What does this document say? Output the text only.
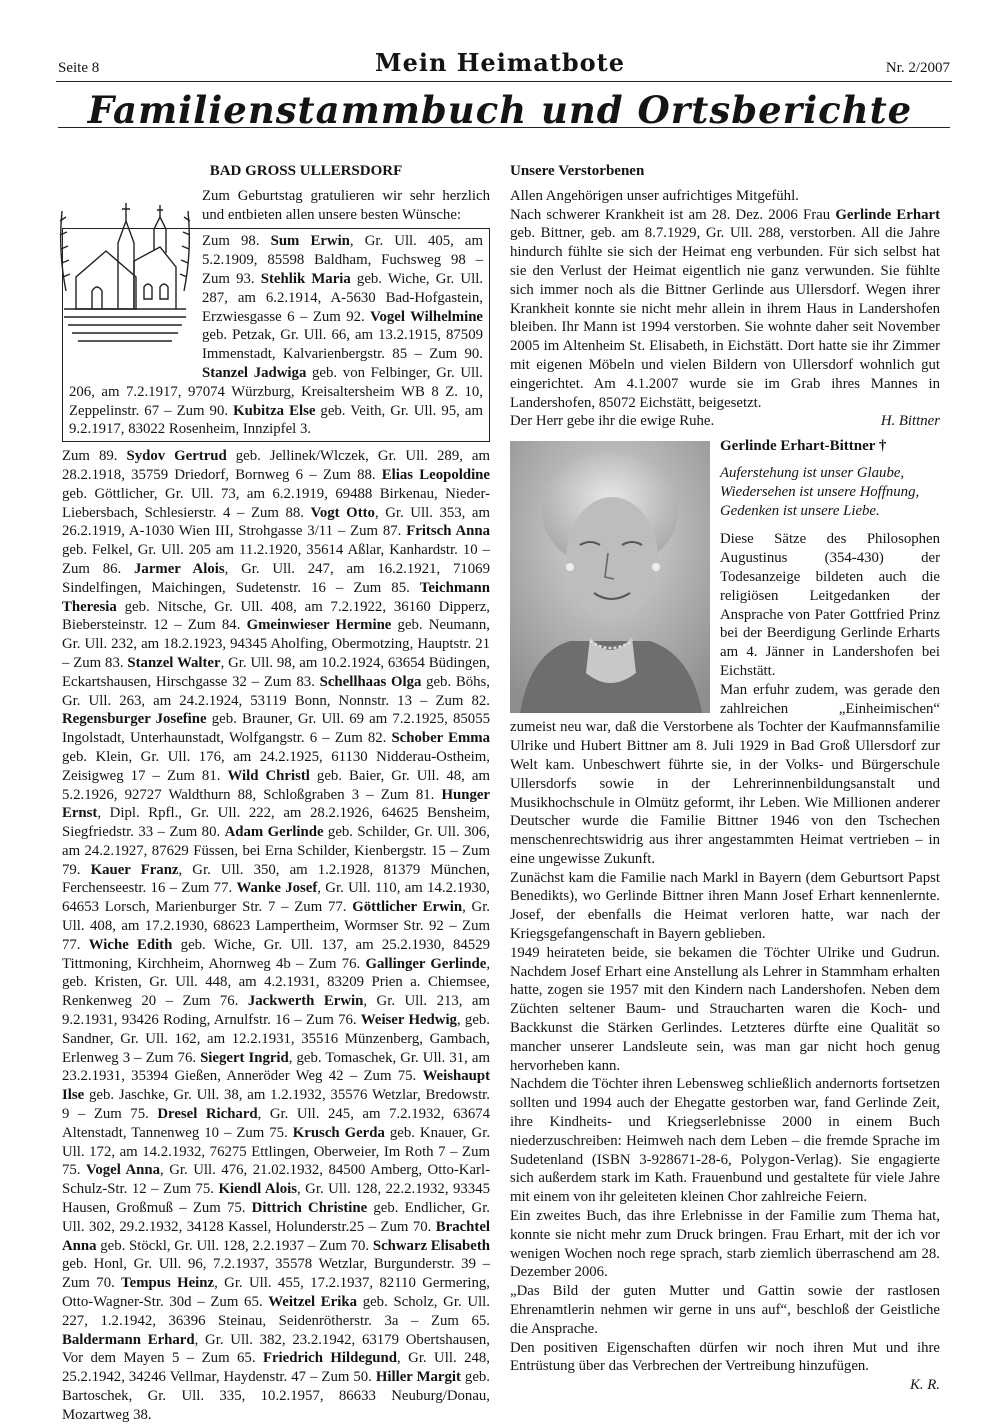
Seite 8	Mein Heimatbote	Nr. 2/2007
Familienstammbuch und Ortsberichte
BAD GROSS ULLERSDORF

Zum Geburtstag gratulieren wir sehr herzlich und entbieten allen unsere besten Wünsche:

Zum 98. Sum Erwin, Gr. Ull. 405, am 5.2.1909, 85598 Baldham, Fuchsweg 98 – Zum 93. Stehlik Maria geb. Wiche, Gr. Ull. 287, am 6.2.1914, A-5630 Bad-Hofgastein, Erzwiesgasse 6 – Zum 92. Vogel Wilhelmine geb. Petzak, Gr. Ull. 66, am 13.2.1915, 87509 Immenstadt, Kalvarienbergstr. 85 – Zum 90. Stanzel Jadwiga geb. von Felbinger, Gr. Ull. 206, am 7.2.1917, 97074 Würzburg, Kreisaltersheim WB 8 Z. 10, Zeppelinstr. 67 – Zum 90. Kubitza Else geb. Veith, Gr. Ull. 95, am 9.2.1917, 83022 Rosenheim, Innzipfel 3.

Zum 89. Sydov Gertrud geb. Jellinek/Wlczek, Gr. Ull. 289, am 28.2.1918, 35759 Driedorf, Bornweg 6 – Zum 88. Elias Leopoldine geb. Göttlicher, Gr. Ull. 73, am 6.2.1919, 69488 Birkenau, Nieder-Liebersbach, Schlesierstr. 4 – Zum 88. Vogt Otto, Gr. Ull. 353, am 26.2.1919, A-1030 Wien III, Strohgasse 3/11 – Zum 87. Fritsch Anna geb. Felkel, Gr. Ull. 205 am 11.2.1920, 35614 Aßlar, Kanhardstr. 10 – Zum 86. Jarmer Alois, Gr. Ull. 247, am 16.2.1921, 71069 Sindelfingen, Maichingen, Sudetenstr. 16 – Zum 85. Teichmann Theresia geb. Nitsche, Gr. Ull. 408, am 7.2.1922, 36160 Dipperz, Biebersteinstr. 12 – Zum 84. Gmeinwieser Hermine geb. Neumann, Gr. Ull. 232, am 18.2.1923, 94345 Aholfing, Obermotzing, Hauptstr. 21 – Zum 83. Stanzel Walter, Gr. Ull. 98, am 10.2.1924, 63654 Büdingen, Eckartshausen, Hirschgasse 32 – Zum 83. Schellhaas Olga geb. Böhs, Gr. Ull. 263, am 24.2.1924, 53119 Bonn, Nonnstr. 13 – Zum 82. Regensburger Josefine geb. Brauner, Gr. Ull. 69 am 7.2.1925, 85055 Ingolstadt, Unterhaunstadt, Wolfgangstr. 6 – Zum 82. Schober Emma geb. Klein, Gr. Ull. 176, am 24.2.1925, 61130 Nidderau-Ostheim, Zeisigweg 17 – Zum 81. Wild Christl geb. Baier, Gr. Ull. 48, am 5.2.1926, 92727 Waldthurn 88, Schloßgraben 3 – Zum 81. Hunger Ernst, Dipl. Rpfl., Gr. Ull. 222, am 28.2.1926, 64625 Bensheim, Siegfriedstr. 33 – Zum 80. Adam Gerlinde geb. Schilder, Gr. Ull. 306, am 24.2.1927, 87629 Füssen, bei Erna Schilder, Kienbergstr. 15 – Zum 79. Kauer Franz, Gr. Ull. 350, am 1.2.1928, 81379 München, Ferchenseestr. 16 – Zum 77. Wanke Josef, Gr. Ull. 110, am 14.2.1930, 64653 Lorsch, Marienburger Str. 7 – Zum 77. Göttlicher Erwin, Gr. Ull. 408, am 17.2.1930, 68623 Lampertheim, Wormser Str. 92 – Zum 77. Wiche Edith geb. Wiche, Gr. Ull. 137, am 25.2.1930, 84529 Tittmoning, Kirchheim, Ahornweg 4b – Zum 76. Gallinger Gerlinde, geb. Kristen, Gr. Ull. 448, am 4.2.1931, 83209 Prien a. Chiemsee, Renkenweg 20 – Zum 76. Jackwerth Erwin, Gr. Ull. 213, am 9.2.1931, 93426 Roding, Arnulfstr. 16 – Zum 76. Weiser Hedwig, geb. Sandner, Gr. Ull. 162, am 12.2.1931, 35516 Münzenberg, Gambach, Erlenweg 3 – Zum 76. Siegert Ingrid, geb. Tomaschek, Gr. Ull. 31, am 23.2.1931, 35394 Gießen, Anneröder Weg 42 – Zum 75. Weishaupt Ilse geb. Jaschke, Gr. Ull. 38, am 1.2.1932, 35576 Wetzlar, Bredowstr. 9 – Zum 75. Dresel Richard, Gr. Ull. 245, am 7.2.1932, 63674 Altenstadt, Tannenweg 10 – Zum 75. Krusch Gerda geb. Knauer, Gr. Ull. 172, am 14.2.1932, 76275 Ettlingen, Oberweier, Im Roth 7 – Zum 75. Vogel Anna, Gr. Ull. 476, 21.02.1932, 84500 Amberg, Otto-Karl-Schulz-Str. 12 – Zum 75. Kiendl Alois, Gr. Ull. 128, 22.2.1932, 93345 Hausen, Großmuß – Zum 75. Dittrich Christine geb. Endlicher, Gr. Ull. 302, 29.2.1932, 34128 Kassel, Holunderstr.25 – Zum 70. Brachtel Anna geb. Stöckl, Gr. Ull. 128, 2.2.1937 – Zum 70. Schwarz Elisabeth geb. Honl, Gr. Ull. 96, 7.2.1937, 35578 Wetzlar, Burgunderstr. 39 – Zum 70. Tempus Heinz, Gr. Ull. 455, 17.2.1937, 82110 Germering, Otto-Wagner-Str. 30d – Zum 65. Weitzel Erika geb. Scholz, Gr. Ull. 227, 1.2.1942, 36396 Steinau, Seidenrötherstr. 3a – Zum 65. Baldermann Erhard, Gr. Ull. 382, 23.2.1942, 63179 Obertshausen, Vor dem Mayen 5 – Zum 65. Friedrich Hildegund, Gr. Ull. 248, 25.2.1942, 34246 Vellmar, Haydenstr. 47 – Zum 50. Hiller Margit geb. Bartoschek, Gr. Ull. 335, 10.2.1957, 86633 Neuburg/Donau, Mozartweg 38.

Unsere Verstorbenen

Allen Angehörigen unser aufrichtiges Mitgefühl.

Nach schwerer Krankheit ist am 28. Dez. 2006 Frau Gerlinde Erhart geb. Bittner, geb. am 8.7.1929, Gr. Ull. 288, verstorben. All die Jahre hindurch fühlte sie sich der Heimat eng verbunden. Für sich selbst hat sie den Verlust der Heimat eigentlich nie ganz verwunden. Sie fühlte sich immer noch als die Bittner Gerlinde aus Ullersdorf. Wegen ihrer Krankheit konnte sie nicht mehr allein in ihrem Haus in Landershofen bleiben. Ihr Mann ist 1994 verstorben. Sie wohnte daher seit November 2005 im Altenheim St. Elisabeth, in Eichstätt. Dort hatte sie ihr Zimmer mit eigenen Möbeln und vielen Bildern von Ullersdorf wohnlich gut eingerichtet. Am 4.1.2007 wurde sie im Grab ihres Mannes in Landershofen, 85072 Eichstätt, beigesetzt.

Der Herr gebe ihr die ewige Ruhe.	H. Bittner

Gerlinde Erhart-Bittner †

Auferstehung ist unser Glaube,

Wiedersehen ist unsere Hoffnung,

Gedenken ist unsere Liebe.

Diese Sätze des Philosophen Augustinus (354-430) der Todesanzeige bildeten auch die religiösen Leitgedanken der Ansprache von Pater Gottfried Prinz bei der Beerdigung Gerlinde Erharts am 4. Jänner in Landershofen bei Eichstätt.

Man erfuhr zudem, was gerade den zahlreichen „Einheimischen“ zumeist neu war, daß die Verstorbene als Tochter der Kaufmannsfamilie Ulrike und Hubert Bittner am 8. Juli 1929 in Bad Groß Ullersdorf zur Welt kam. Unbeschwert führte sie, in der Volks- und Bürgerschule Ullersdorfs sowie in der Lehrerinnenbildungsanstalt und Musikhochschule in Olmütz geformt, ihr Leben. Wie Millionen anderer Deutscher wurde die Familie Bittner 1946 von den Tschechen menschenrechtswidrig aus ihrer angestammten Heimat vertrieben – in eine ungewisse Zukunft.

Zunächst kam die Familie nach Markl in Bayern (dem Geburtsort Papst Benedikts), wo Gerlinde Bittner ihren Mann Josef Erhart kennenlernte. Josef, der ebenfalls die Heimat verloren hatte, war nach der Kriegsgefangenschaft in Bayern geblieben.

1949 heirateten beide, sie bekamen die Töchter Ulrike und Gudrun. Nachdem Josef Erhart eine Anstellung als Lehrer in Stammham erhalten hatte, zogen sie 1957 mit den Kindern nach Landershofen. Neben dem Züchten seltener Baum- und Straucharten waren die Koch- und Backkunst die Stärken Gerlindes. Letzteres dürfte eine Qualität so mancher unserer Landsleute sein, was man gar nicht hoch genug hervorheben kann.

Nachdem die Töchter ihren Lebensweg schließlich andernorts fortsetzen sollten und 1994 auch der Ehegatte gestorben war, fand Gerlinde Zeit, ihre Kindheits- und Kriegserlebnisse 2000 in einem Buch niederzuschreiben: Heimweh nach dem Leben – die fremde Sprache im Sudetenland (ISBN 3-928671-28-6, Polygon-Verlag). Sie engagierte sich außerdem stark im Kath. Frauenbund und gestaltete für viele Jahre mit einem von ihr geleiteten kleinen Chor zahlreiche Feiern.

Ein zweites Buch, das ihre Erlebnisse in der Familie zum Thema hat, konnte sie nicht mehr zum Druck bringen. Frau Erhart, mit der ich vor wenigen Wochen noch rege sprach, starb ziemlich überraschend am 28. Dezember 2006.

„Das Bild der guten Mutter und Gattin sowie der rastlosen Ehrenamtlerin nehmen wir gerne in uns auf“, beschloß der Geistliche die Ansprache.

Den positiven Eigenschaften dürfen wir noch ihren Mut und ihre Entrüstung über das Verbrechen der Vertreibung hinzufügen.

K. R.
